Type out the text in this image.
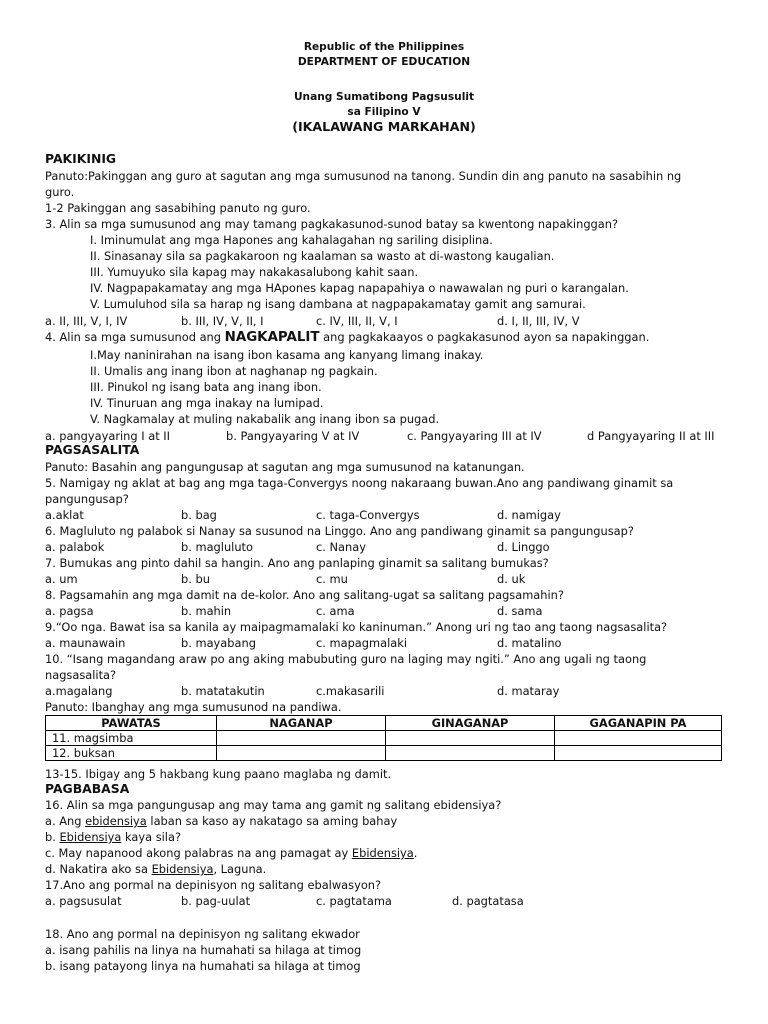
Republic of the Philippines
DEPARTMENT OF EDUCATION
Unang Sumatibong Pagsusulit
sa Filipino V
(IKALAWANG MARKAHAN)
PAKIKINIG
Panuto:Pakinggan ang guro at sagutan ang mga sumusunod na tanong. Sundin din ang panuto na sasabihin ng
guro.
1-2 Pakinggan ang sasabihing panuto ng guro.
3. Alin sa mga sumusunod ang may tamang pagkakasunod-sunod batay sa kwentong napakinggan?
I. Iminumulat ang mga Hapones ang kahalagahan ng sariling disiplina.
II. Sinasanay sila sa pagkakaroon ng kaalaman sa wasto at di-wastong kaugalian.
III. Yumuyuko sila kapag may nakakasalubong kahit saan.
IV. Nagpapakamatay ang mga HApones kapag napapahiya o nawawalan ng puri o karangalan.
V. Lumuluhod sila sa harap ng isang dambana at nagpapakamatay gamit ang samurai.
a. II, III, V, I, IV	b. III, IV, V, II, I	c. IV, III, II, V, I	d. I, II, III, IV, V
4. Alin sa mga sumusunod ang NAGKAPALIT ang pagkakaayos o pagkakasunod ayon sa napakinggan.
I.May naninirahan na isang ibon kasama ang kanyang limang inakay.
II. Umalis ang inang ibon at naghanap ng pagkain.
III. Pinukol ng isang bata ang inang ibon.
IV. Tinuruan ang mga inakay na lumipad.
V. Nagkamalay at muling nakabalik ang inang ibon sa pugad.
a. pangyayaring I at II	b. Pangyayaring V at IV	c. Pangyayaring III at IV	d Pangyayaring II at III
PAGSASALITA
Panuto: Basahin ang pangungusap at sagutan ang mga sumusunod na katanungan.
5. Namigay ng aklat at bag ang mga taga-Convergys noong nakaraang buwan.Ano ang pandiwang ginamit sa
pangungusap?
a.aklat	b. bag	c. taga-Convergys	d. namigay
6. Magluluto ng palabok si Nanay sa susunod na Linggo. Ano ang pandiwang ginamit sa pangungusap?
a. palabok	b. magluluto	c. Nanay	d. Linggo
7. Bumukas ang pinto dahil sa hangin. Ano ang panlaping ginamit sa salitang bumukas?
a. um	b. bu	c. mu	d. uk
8. Pagsamahin ang mga damit na de-kolor. Ano ang salitang-ugat sa salitang pagsamahin?
a. pagsa	b. mahin	c. ama	d. sama
9.“Oo nga. Bawat isa sa kanila ay maipagmamalaki ko kaninuman.” Anong uri ng tao ang taong nagsasalita?
a. maunawain	b. mayabang	c. mapagmalaki	d. matalino
10. “Isang magandang araw po ang aking mabubuting guro na laging may ngiti.” Ano ang ugali ng taong
nagsasalita?
a.magalang	b. matatakutin	c.makasarili	d. mataray
Panuto: Ibanghay ang mga sumusunod na pandiwa.
PAWATAS	NAGANAP	GINAGANAP	GAGANAPIN PA
11. magsimba			
12. buksan			
13-15. Ibigay ang 5 hakbang kung paano maglaba ng damit.
PAGBABASA
16. Alin sa mga pangungusap ang may tama ang gamit ng salitang ebidensiya?
a. Ang ebidensiya laban sa kaso ay nakatago sa aming bahay
b. Ebidensiya kaya sila?
c. May napanood akong palabras na ang pamagat ay Ebidensiya.
d. Nakatira ako sa Ebidensiya, Laguna.
17.Ano ang pormal na depinisyon ng salitang ebalwasyon?
a. pagsusulat	b. pag-uulat	c. pagtatama	d. pagtatasa
18. Ano ang pormal na depinisyon ng salitang ekwador
a. isang pahilis na linya na humahati sa hilaga at timog
b. isang patayong linya na humahati sa hilaga at timog
